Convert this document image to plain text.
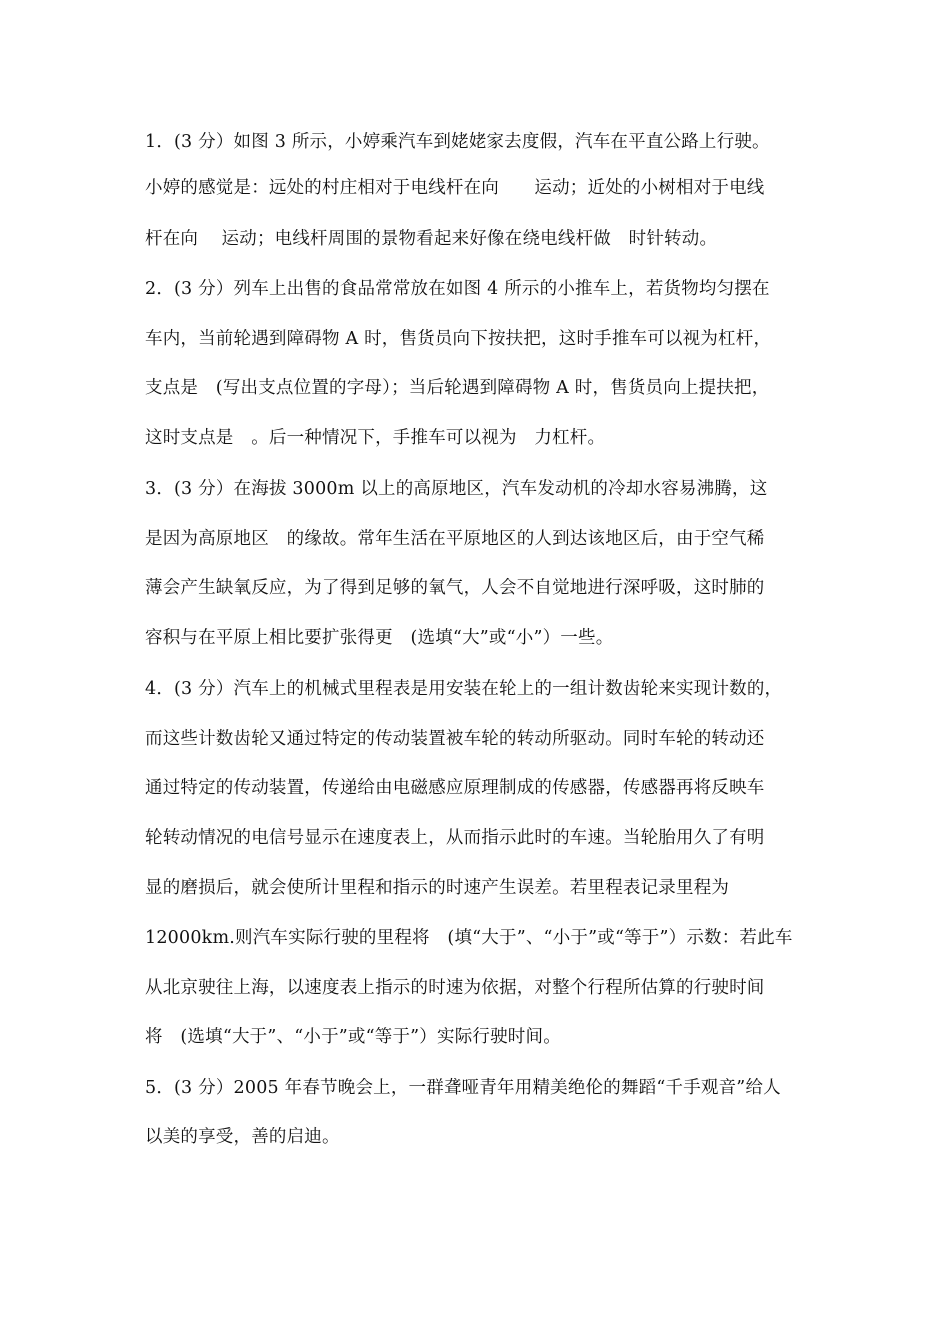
1．(3 分）如图 3 所示，小婷乘汽车到姥姥家去度假，汽车在平直公路上行驶。
小婷的感觉是：远处的村庄相对于电线杆在向　　运动；近处的小树相对于电线
杆在向　 运动；电线杆周围的景物看起来好像在绕电线杆做　时针转动。
2．(3 分）列车上出售的食品常常放在如图 4 所示的小推车上，若货物均匀摆在
车内，当前轮遇到障碍物 A 时，售货员向下按扶把，这时手推车可以视为杠杆，
支点是　(写出支点位置的字母）；当后轮遇到障碍物 A 时，售货员向上提扶把，
这时支点是　。后一种情况下，手推车可以视为　力杠杆。
3．(3 分）在海拔 3000m 以上的高原地区，汽车发动机的冷却水容易沸腾，这
是因为高原地区　的缘故。常年生活在平原地区的人到达该地区后，由于空气稀
薄会产生缺氧反应，为了得到足够的氧气，人会不自觉地进行深呼吸，这时肺的
容积与在平原上相比要扩张得更　(选填“大”或“小”）一些。
4．(3 分）汽车上的机械式里程表是用安装在轮上的一组计数齿轮来实现计数的，
而这些计数齿轮又通过特定的传动装置被车轮的转动所驱动。同时车轮的转动还
通过特定的传动装置，传递给由电磁感应原理制成的传感器，传感器再将反映车
轮转动情况的电信号显示在速度表上，从而指示此时的车速。当轮胎用久了有明
显的磨损后，就会使所计里程和指示的时速产生误差。若里程表记录里程为
12000km.则汽车实际行驶的里程将　(填“大于”、“小于”或“等于”）示数：若此车
从北京驶往上海，以速度表上指示的时速为依据，对整个行程所估算的行驶时间
将　(选填“大于”、“小于”或“等于”）实际行驶时间。
5．(3 分）2005 年春节晚会上，一群聋哑青年用精美绝伦的舞蹈“千手观音”给人
以美的享受，善的启迪。
